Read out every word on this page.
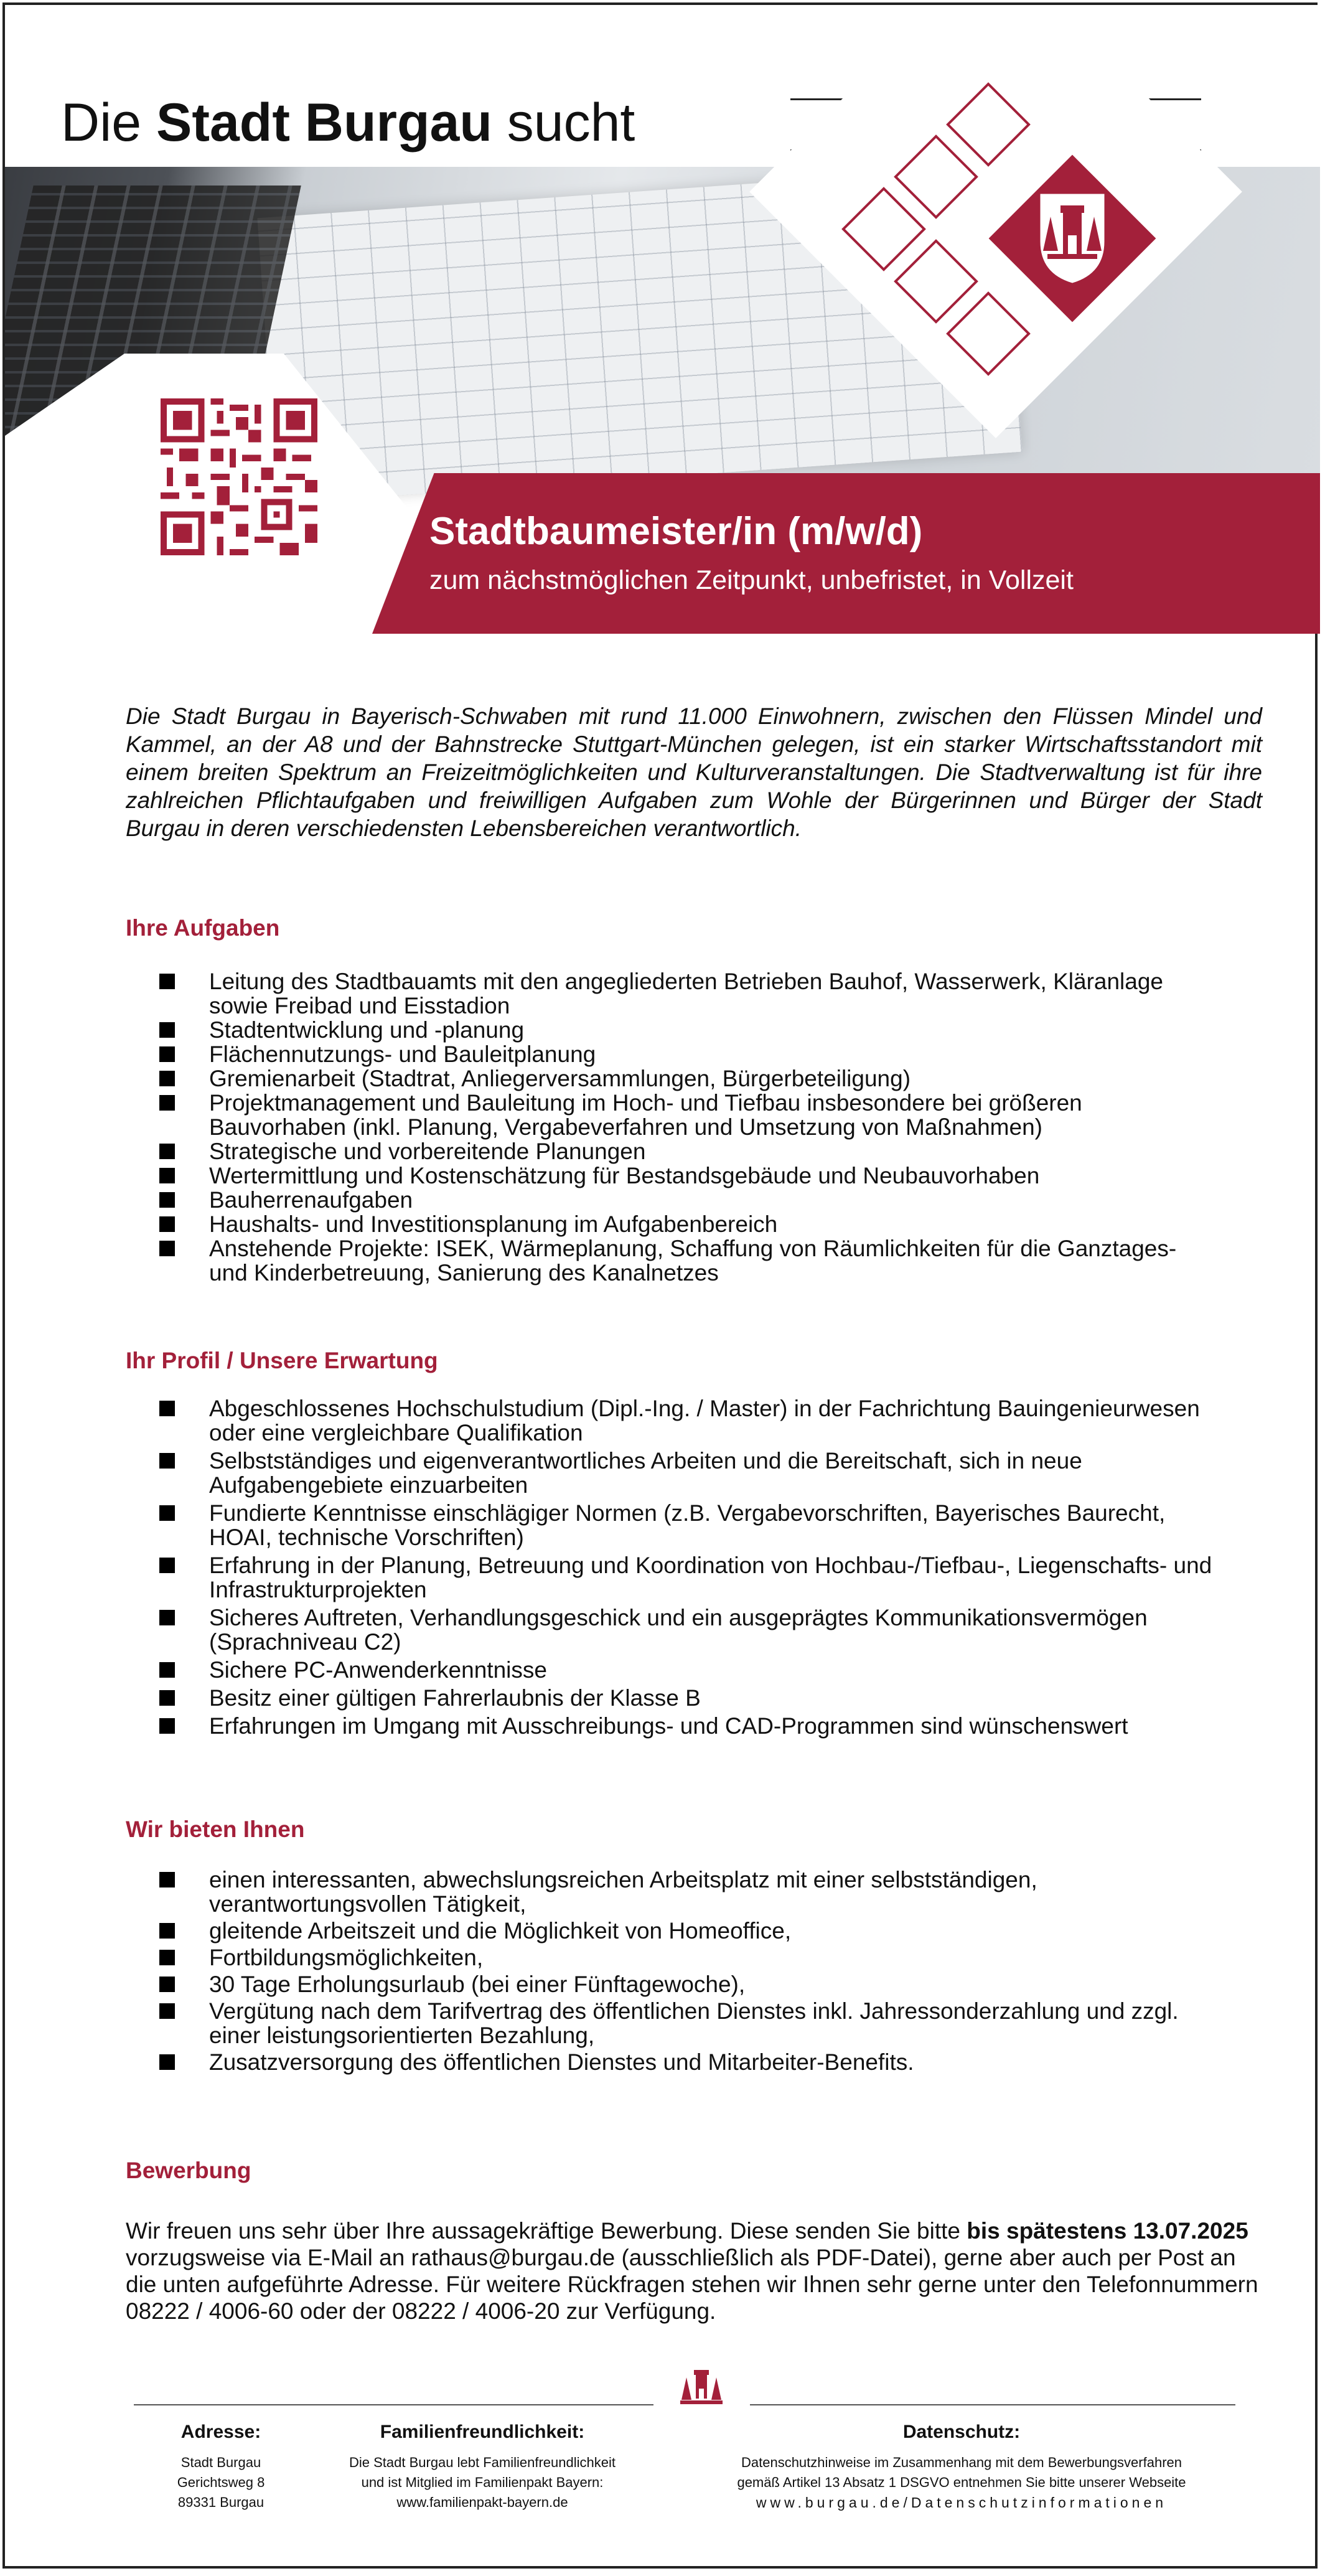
Die Stadt Burgau sucht
Stadtbaumeister/in (m/w/d)
zum nächstmöglichen Zeitpunkt, unbefristet, in Vollzeit
Die Stadt Burgau in Bayerisch-Schwaben mit rund 11.000 Einwohnern, zwischen den Flüssen Mindel und Kammel, an der A8 und der Bahnstrecke Stuttgart-München gelegen, ist ein starker Wirtschaftsstandort mit einem breiten Spektrum an Freizeitmöglichkeiten und Kulturveranstaltungen. Die Stadtverwaltung ist für ihre zahlreichen Pflichtaufgaben und freiwilligen Aufgaben zum Wohle der Bürgerinnen und Bürger der Stadt Burgau in deren verschiedensten Lebensbereichen verantwortlich.
Ihre Aufgaben
Leitung des Stadtbauamts mit den angegliederten Betrieben Bauhof, Wasserwerk, Kläranlage sowie Freibad und Eisstadion
Stadtentwicklung und -planung
Flächennutzungs- und Bauleitplanung
Gremienarbeit (Stadtrat, Anliegerversammlungen, Bürgerbeteiligung)
Projektmanagement und Bauleitung im Hoch- und Tiefbau insbesondere bei größeren Bauvorhaben (inkl. Planung, Vergabeverfahren und Umsetzung von Maßnahmen)
Strategische und vorbereitende Planungen
Wertermittlung und Kostenschätzung für Bestandsgebäude und Neubauvorhaben
Bauherrenaufgaben
Haushalts- und Investitionsplanung im Aufgabenbereich
Anstehende Projekte: ISEK, Wärmeplanung, Schaffung von Räumlichkeiten für die Ganztages- und Kinderbetreuung, Sanierung des Kanalnetzes
Ihr Profil / Unsere Erwartung
Abgeschlossenes Hochschulstudium (Dipl.-Ing. / Master) in der Fachrichtung Bauingenieurwesen oder eine vergleichbare Qualifikation
Selbstständiges und eigenverantwortliches Arbeiten und die Bereitschaft, sich in neue Aufgabengebiete einzuarbeiten
Fundierte Kenntnisse einschlägiger Normen (z.B. Vergabevorschriften, Bayerisches Baurecht, HOAI, technische Vorschriften)
Erfahrung in der Planung, Betreuung und Koordination von Hochbau-/Tiefbau-, Liegenschafts- und Infrastrukturprojekten
Sicheres Auftreten, Verhandlungsgeschick und ein ausgeprägtes Kommunikationsvermögen (Sprachniveau C2)
Sichere PC-Anwenderkenntnisse
Besitz einer gültigen Fahrerlaubnis der Klasse B
Erfahrungen im Umgang mit Ausschreibungs- und CAD-Programmen sind wünschenswert
Wir bieten Ihnen
einen interessanten, abwechslungsreichen Arbeitsplatz mit einer selbstständigen, verantwortungsvollen Tätigkeit,
gleitende Arbeitszeit und die Möglichkeit von Homeoffice,
Fortbildungsmöglichkeiten,
30 Tage Erholungsurlaub (bei einer Fünftagewoche),
Vergütung nach dem Tarifvertrag des öffentlichen Dienstes inkl. Jahressonderzahlung und zzgl. einer leistungsorientierten Bezahlung,
Zusatzversorgung des öffentlichen Dienstes und Mitarbeiter-Benefits.
Bewerbung
Wir freuen uns sehr über Ihre aussagekräftige Bewerbung. Diese senden Sie bitte bis spätestens 13.07.2025 vorzugsweise via E-Mail an rathaus@burgau.de (ausschließlich als PDF-Datei), gerne aber auch per Post an die unten aufgeführte Adresse. Für weitere Rückfragen stehen wir Ihnen sehr gerne unter den Telefonnummern 08222 / 4006-60 oder der 08222 / 4006-20 zur Verfügung.
Adresse:
Stadt Burgau
Gerichtsweg 8
89331 Burgau
Familienfreundlichkeit:
Die Stadt Burgau lebt Familienfreundlichkeit
und ist Mitglied im Familienpakt Bayern:
www.familienpakt-bayern.de
Datenschutz:
Datenschutzhinweise im Zusammenhang mit dem Bewerbungsverfahren
gemäß Artikel 13 Absatz 1 DSGVO entnehmen Sie bitte unserer Webseite
www.burgau.de/Datenschutzinformationen
